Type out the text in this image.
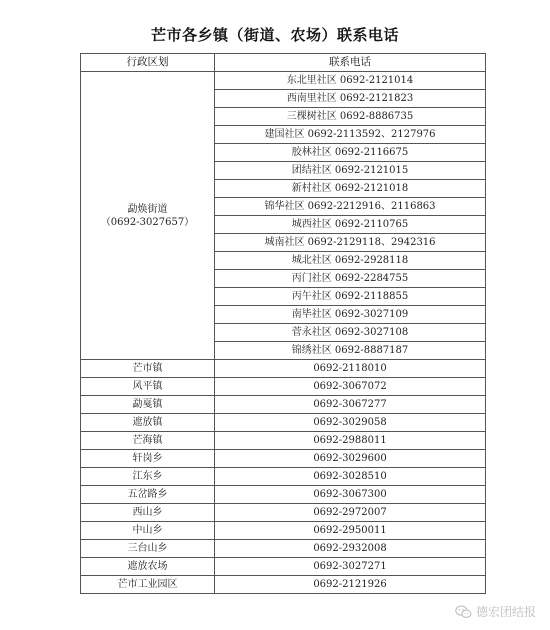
芒市各乡镇（街道、农场）联系电话
行政区划	联系电话

勐焕街道
（0692-3027657）	东北里社区 0692-2121014
	西南里社区 0692-2121823
	三棵树社区 0692-8886735
	建国社区 0692-2113592、2127976
	胶林社区 0692-2116675
	团结社区 0692-2121015
	新村社区 0692-2121018
	锦华社区 0692-2212916、2116863
	城西社区 0692-2110765
	城南社区 0692-2129118、2942316
	城北社区 0692-2928118
	丙门社区 0692-2284755
	丙午社区 0692-2118855
	南毕社区 0692-3027109
	菅永社区 0692-3027108
	锦绣社区 0692-8887187
芒市镇	0692-2118010
风平镇	0692-3067072
勐戛镇	0692-3067277
遮放镇	0692-3029058
芒海镇	0692-2988011
轩岗乡	0692-3029600
江东乡	0692-3028510
五岔路乡	0692-3067300
西山乡	0692-2972007
中山乡	0692-2950011
三台山乡	0692-2932008
遮放农场	0692-3027271
芒市工业园区	0692-2121926
德宏团结报
